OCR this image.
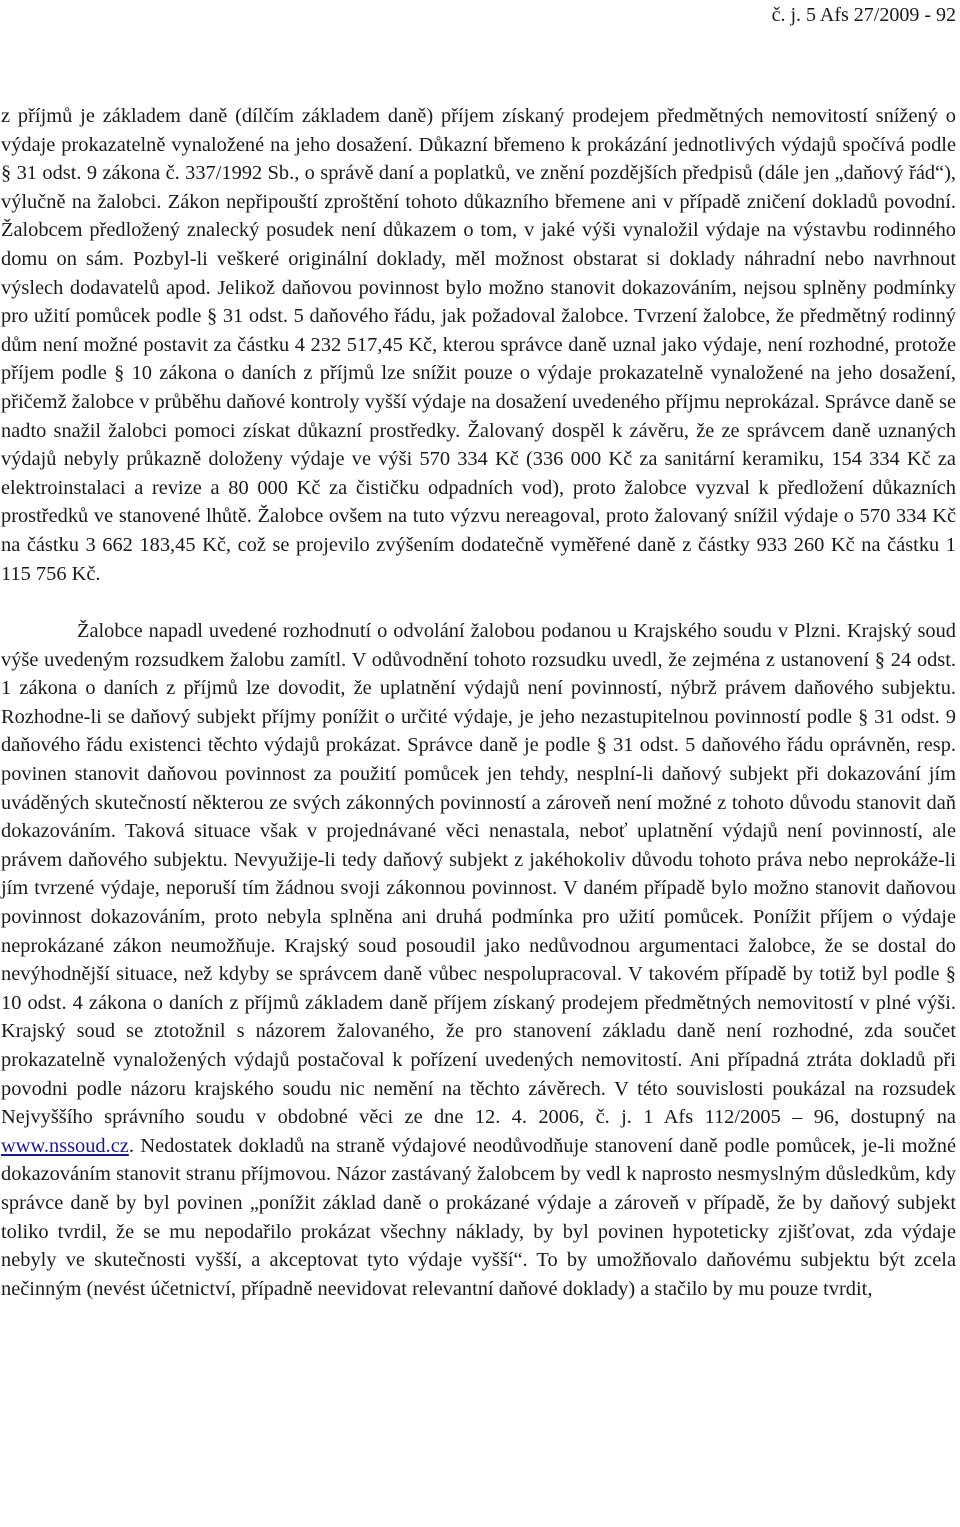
č. j. 5 Afs 27/2009 - 92

z příjmů je základem daně (dílčím základem daně) příjem získaný prodejem předmětných nemovitostí snížený o výdaje prokazatelně vynaložené na jeho dosažení. Důkazní břemeno k prokázání jednotlivých výdajů spočívá podle § 31 odst. 9 zákona č. 337/1992 Sb., o správě daní a poplatků, ve znění pozdějších předpisů (dále jen „daňový řád“), výlučně na žalobci. Zákon nepřipouští zproštění tohoto důkazního břemene ani v případě zničení dokladů povodní. Žalobcem předložený znalecký posudek není důkazem o tom, v jaké výši vynaložil výdaje na výstavbu rodinného domu on sám. Pozbyl-li veškeré originální doklady, měl možnost obstarat si doklady náhradní nebo navrhnout výslech dodavatelů apod. Jelikož daňovou povinnost bylo možno stanovit dokazováním, nejsou splněny podmínky pro užití pomůcek podle § 31 odst. 5 daňového řádu, jak požadoval žalobce. Tvrzení žalobce, že předmětný rodinný dům není možné postavit za částku 4 232 517,45 Kč, kterou správce daně uznal jako výdaje, není rozhodné, protože příjem podle § 10 zákona o daních z příjmů lze snížit pouze o výdaje prokazatelně vynaložené na jeho dosažení, přičemž žalobce v průběhu daňové kontroly vyšší výdaje na dosažení uvedeného příjmu neprokázal. Správce daně se nadto snažil žalobci pomoci získat důkazní prostředky. Žalovaný dospěl k závěru, že ze správcem daně uznaných výdajů nebyly průkazně doloženy výdaje ve výši 570 334 Kč (336 000 Kč za sanitární keramiku, 154 334 Kč za elektroinstalaci a revize a 80 000 Kč za čističku odpadních vod), proto žalobce vyzval k předložení důkazních prostředků ve stanovené lhůtě. Žalobce ovšem na tuto výzvu nereagoval, proto žalovaný snížil výdaje o 570 334 Kč na částku 3 662 183,45 Kč, což se projevilo zvýšením dodatečně vyměřené daně z částky 933 260 Kč na částku 1 115 756 Kč.

Žalobce napadl uvedené rozhodnutí o odvolání žalobou podanou u Krajského soudu v Plzni. Krajský soud výše uvedeným rozsudkem žalobu zamítl. V odůvodnění tohoto rozsudku uvedl, že zejména z ustanovení § 24 odst. 1 zákona o daních z příjmů lze dovodit, že uplatnění výdajů není povinností, nýbrž právem daňového subjektu. Rozhodne-li se daňový subjekt příjmy ponížit o určité výdaje, je jeho nezastupitelnou povinností podle § 31 odst. 9 daňového řádu existenci těchto výdajů prokázat. Správce daně je podle § 31 odst. 5 daňového řádu oprávněn, resp. povinen stanovit daňovou povinnost za použití pomůcek jen tehdy, nesplní-li daňový subjekt při dokazování jím uváděných skutečností některou ze svých zákonných povinností a zároveň není možné z tohoto důvodu stanovit daň dokazováním. Taková situace však v projednávané věci nenastala, neboť uplatnění výdajů není povinností, ale právem daňového subjektu. Nevyužije-li tedy daňový subjekt z jakéhokoliv důvodu tohoto práva nebo neprokáže-li jím tvrzené výdaje, neporuší tím žádnou svoji zákonnou povinnost. V daném případě bylo možno stanovit daňovou povinnost dokazováním, proto nebyla splněna ani druhá podmínka pro užití pomůcek. Ponížit příjem o výdaje neprokázané zákon neumožňuje. Krajský soud posoudil jako nedůvodnou argumentaci žalobce, že se dostal do nevýhodnější situace, než kdyby se správcem daně vůbec nespolupracoval. V takovém případě by totiž byl podle § 10 odst. 4 zákona o daních z příjmů základem daně příjem získaný prodejem předmětných nemovitostí v plné výši. Krajský soud se ztotožnil s názorem žalovaného, že pro stanovení základu daně není rozhodné, zda součet prokazatelně vynaložených výdajů postačoval k pořízení uvedených nemovitostí. Ani případná ztráta dokladů při povodni podle názoru krajského soudu nic nemění na těchto závěrech. V této souvislosti poukázal na rozsudek Nejvyššího správního soudu v obdobné věci ze dne 12. 4. 2006, č. j. 1 Afs 112/2005 – 96, dostupný na www.nssoud.cz. Nedostatek dokladů na straně výdajové neodůvodňuje stanovení daně podle pomůcek, je-li možné dokazováním stanovit stranu příjmovou. Názor zastávaný žalobcem by vedl k naprosto nesmyslným důsledkům, kdy správce daně by byl povinen „ponížit základ daně o prokázané výdaje a zároveň v případě, že by daňový subjekt toliko tvrdil, že se mu nepodařilo prokázat všechny náklady, by byl povinen hypoteticky zjišťovat, zda výdaje nebyly ve skutečnosti vyšší, a akceptovat tyto výdaje vyšší“. To by umožňovalo daňovému subjektu být zcela nečinným (nevést účetnictví, případně neevidovat relevantní daňové doklady) a stačilo by mu pouze tvrdit,
